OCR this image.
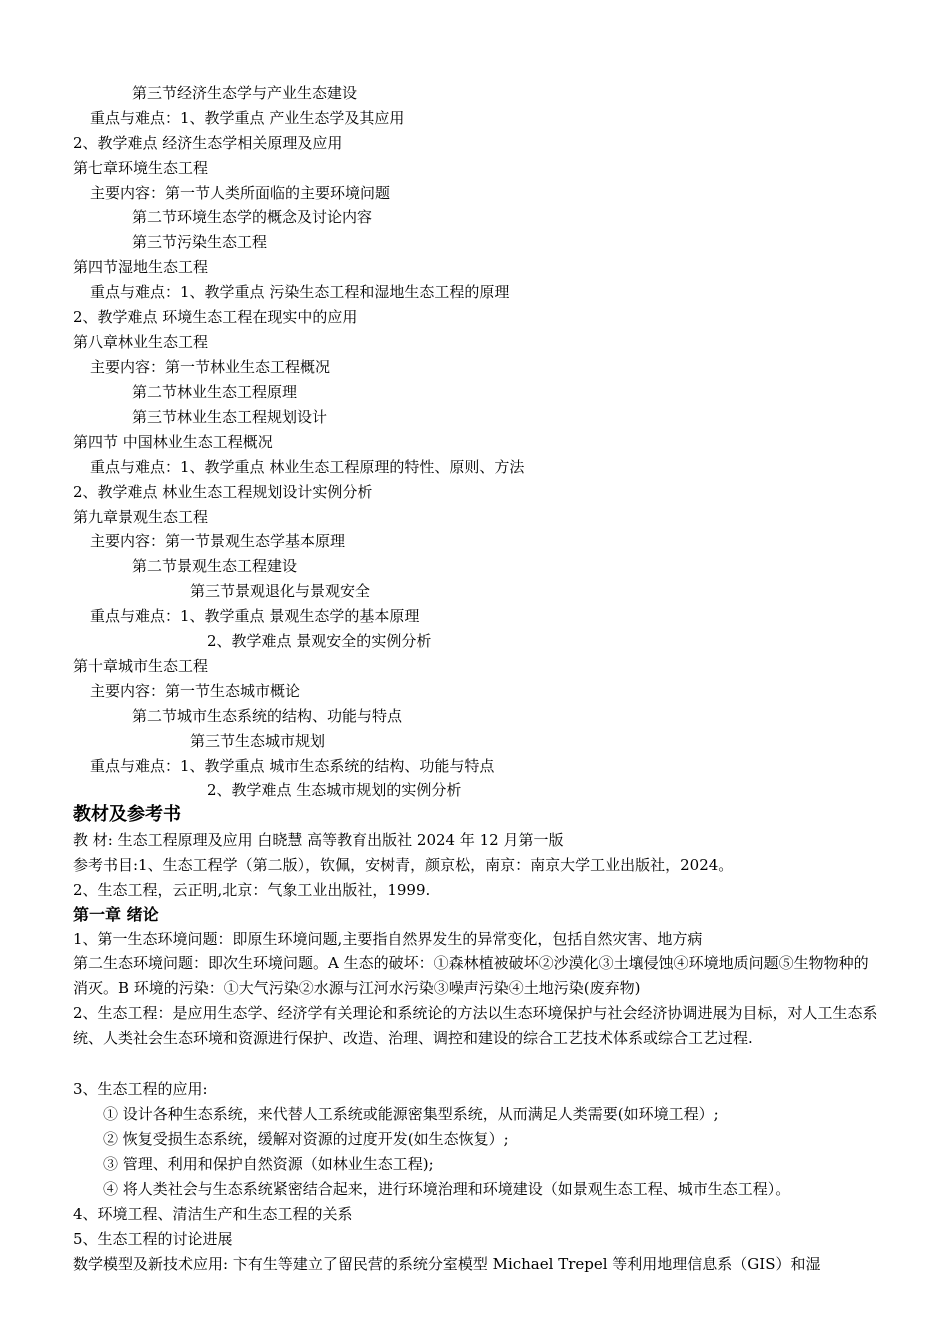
第三节经济生态学与产业生态建设
重点与难点：1、教学重点 产业生态学及其应用
2、教学难点 经济生态学相关原理及应用
第七章环境生态工程
主要内容：第一节人类所面临的主要环境问题
第二节环境生态学的概念及讨论内容
第三节污染生态工程
第四节湿地生态工程
重点与难点：1、教学重点 污染生态工程和湿地生态工程的原理
2、教学难点 环境生态工程在现实中的应用
第八章林业生态工程
主要内容：第一节林业生态工程概况
第二节林业生态工程原理
第三节林业生态工程规划设计
第四节 中国林业生态工程概况
重点与难点：1、教学重点 林业生态工程原理的特性、原则、方法
2、教学难点 林业生态工程规划设计实例分析
第九章景观生态工程
主要内容：第一节景观生态学基本原理
第二节景观生态工程建设
第三节景观退化与景观安全
重点与难点：1、教学重点 景观生态学的基本原理
2、教学难点 景观安全的实例分析
第十章城市生态工程
主要内容：第一节生态城市概论
第二节城市生态系统的结构、功能与特点
第三节生态城市规划
重点与难点：1、教学重点 城市生态系统的结构、功能与特点
2、教学难点 生态城市规划的实例分析
教材及参考书
教 材: 生态工程原理及应用 白晓慧 高等教育出版社 2024 年 12 月第一版
参考书目:1、生态工程学（第二版），钦佩，安树青，颜京松，南京：南京大学工业出版社，2024。
2、生态工程，云正明,北京：气象工业出版社，1999.
第一章 绪论
1、第一生态环境问题：即原生环境问题,主要指自然界发生的异常变化，包括自然灾害、地方病
第二生态环境问题：即次生环境问题。A 生态的破坏：①森林植被破坏②沙漠化③土壤侵蚀④环境地质问题⑤生物物种的消灭。B 环境的污染：①大气污染②水源与江河水污染③噪声污染④土地污染(废弃物)
2、生态工程：是应用生态学、经济学有关理论和系统论的方法以生态环境保护与社会经济协调进展为目标，对人工生态系统、人类社会生态环境和资源进行保护、改造、治理、调控和建设的综合工艺技术体系或综合工艺过程.
3、生态工程的应用:
① 设计各种生态系统，来代替人工系统或能源密集型系统，从而满足人类需要(如环境工程）;
② 恢复受损生态系统，缓解对资源的过度开发(如生态恢复）;
③ 管理、利用和保护自然资源（如林业生态工程);
④ 将人类社会与生态系统紧密结合起来，进行环境治理和环境建设（如景观生态工程、城市生态工程）。
4、环境工程、清洁生产和生态工程的关系
5、生态工程的讨论进展
数学模型及新技术应用: 卞有生等建立了留民营的系统分室模型 Michael Trepel 等利用地理信息系（GIS）和湿
